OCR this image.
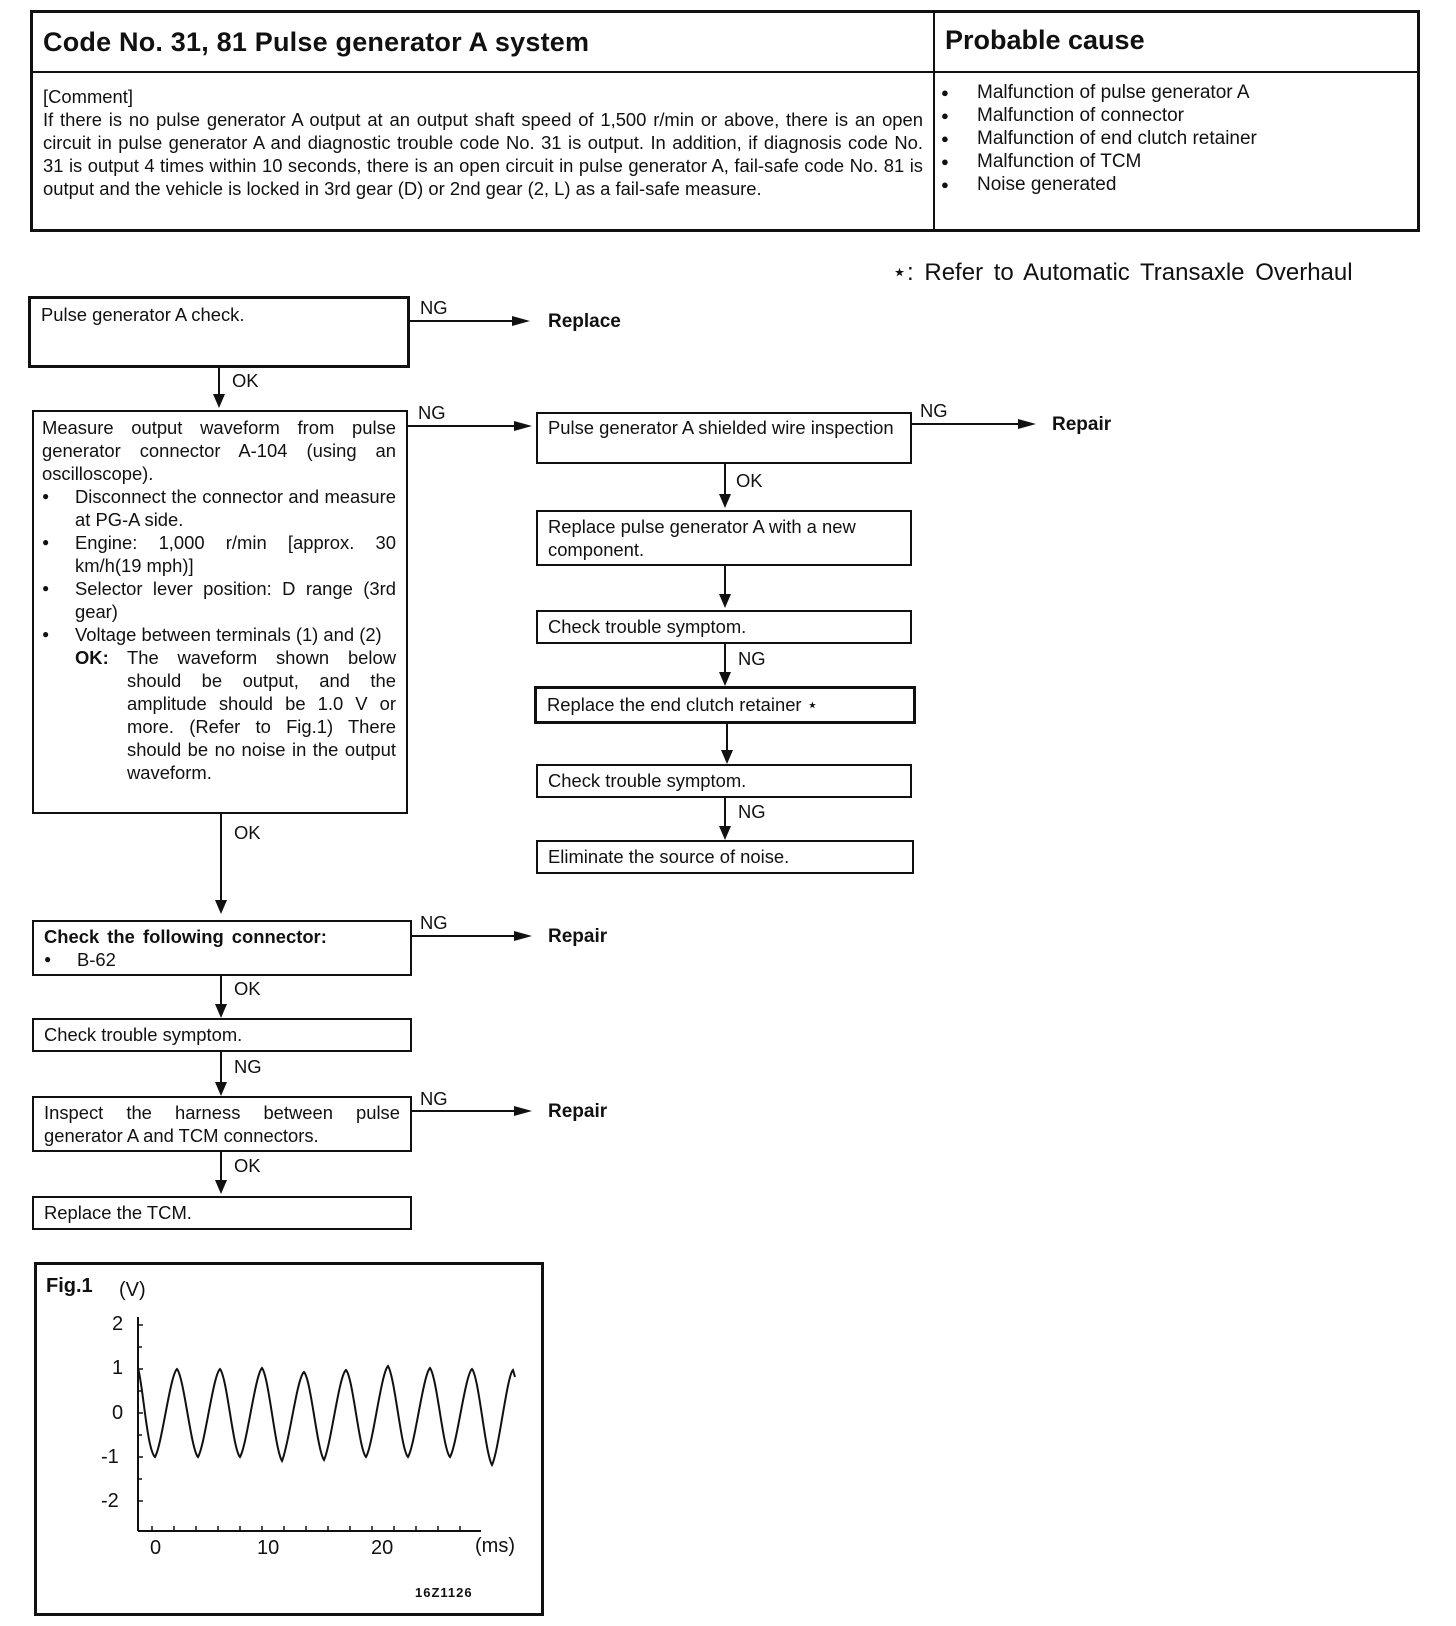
Code No. 31, 81 Pulse generator A system	Probable cause
[Comment]
If there is no pulse generator A output at an output shaft speed of 1,500 r/min or above, there is an open circuit in pulse generator A and diagnostic trouble code No. 31 is output. In addition, if diagnosis code No. 31 is output 4 times within 10 seconds, there is an open circuit in pulse generator A, fail-safe code No. 81 is output and the vehicle is locked in 3rd gear (D) or 2nd gear (2, L) as a fail-safe measure.
● Malfunction of pulse generator A
● Malfunction of connector
● Malfunction of end clutch retainer
● Malfunction of TCM
● Noise generated
⋆: Refer to Automatic Transaxle Overhaul
Pulse generator A check.	NG
Replace
OK
Measure output waveform from pulse generator connector A-104 (using an oscilloscope).
● Disconnect the connector and measure at PG-A side.
● Engine: 1,000 r/min [approx. 30 km/h(19 mph)]
● Selector lever position: D range (3rd gear)
● Voltage between terminals (1) and (2)
OK: The waveform shown below should be output, and the amplitude should be 1.0 V or more. (Refer to Fig.1) There should be no noise in the output waveform.
NG
OK
Pulse generator A shielded wire inspection
NG
Repair
OK
Replace pulse generator A with a new component.
Check trouble symptom.
NG
Replace the end clutch retainer ⋆
Check trouble symptom.
NG
Eliminate the source of noise.
Check the following connector:
● B-62
NG
Repair
OK
Check trouble symptom.
NG
Inspect the harness between pulse generator A and TCM connectors.
NG
Repair
OK
Replace the TCM.
Fig.1 (V)
2
1
0
-1
-2
0	10	20	(ms)
16Z1126
